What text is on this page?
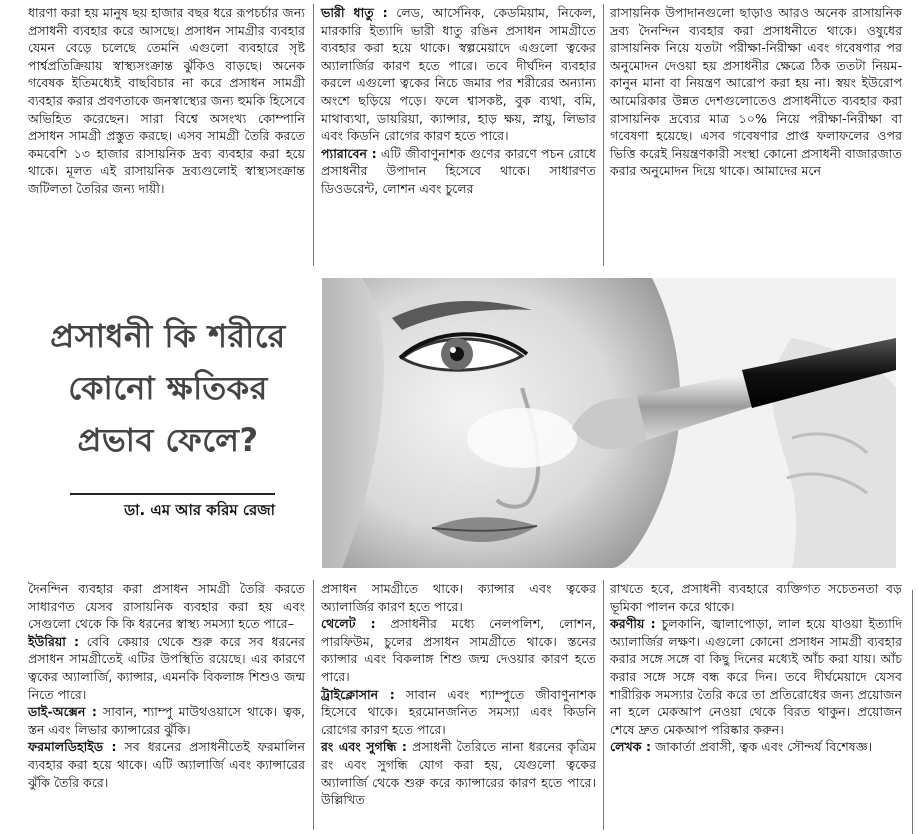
ধারণা করা হয় মানুষ ছয় হাজার বছর ধরে রূপচর্চার জন্য প্রসাধনী ব্যবহার করে আসছে। প্রসাধন সামগ্রীর ব্যবহার যেমন বেড়ে চলেছে তেমনি এগুলো ব্যবহারে সৃষ্ট পার্শ্বপ্রতিক্রিয়ায় স্বাস্থ্যসংক্রান্ত ঝুঁকিও বাড়ছে। অনেক গবেষক ইতিমধ্যেই বাছবিচার না করে প্রসাধন সামগ্রী ব্যবহার করার প্রবণতাকে জনস্বাস্থ্যের জন্য হুমকি হিসেবে অভিহিত করেছেন। সারা বিশ্বে অসংখ্য কোম্পানি প্রসাধন সামগ্রী প্রস্তুত করছে। এসব সামগ্রী তৈরি করতে কমবেশি ১৩ হাজার রাসায়নিক দ্রব্য ব্যবহার করা হয়ে থাকে। মূলত এই রাসায়নিক দ্রব্যগুলোই স্বাস্থ্যসংক্রান্ত জটিলতা তৈরির জন্য দায়ী।

ভারী ধাতু : লেড, আর্সেনিক, কেডমিয়াম, নিকেল, মারকারি ইত্যাদি ভারী ধাতু রঙিন প্রসাধন সামগ্রীতে ব্যবহার করা হয়ে থাকে। স্বল্পমেয়াদে এগুলো ত্বকের অ্যালার্জির কারণ হতে পারে। তবে দীর্ঘদিন ব্যবহার করলে এগুলো ত্বকের নিচে জমার পর শরীরের অন্যান্য অংশে ছড়িয়ে পড়ে। ফলে শ্বাসকষ্ট, বুক ব্যথা, বমি, মাথাব্যথা, ডায়রিয়া, ক্যান্সার, হাড় ক্ষয়, স্নায়ু, লিভার এবং কিডনি রোগের কারণ হতে পারে।

প্যারাবেন : এটি জীবাণুনাশক গুণের কারণে পচন রোধে প্রসাধনীর উপাদান হিসেবে থাকে। সাধারণত ডিওডরেন্ট, লোশন এবং চুলের

রাসায়নিক উপাদানগুলো ছাড়াও আরও অনেক রাসায়নিক দ্রব্য দৈনন্দিন ব্যবহার করা প্রসাধনীতে থাকে। ওষুধের রাসায়নিক নিয়ে যতটা পরীক্ষা-নিরীক্ষা এবং গবেষণার পর অনুমোদন দেওয়া হয় প্রসাধনীর ক্ষেত্রে ঠিক ততটা নিয়ম-কানুন মানা বা নিয়ন্ত্রণ আরোপ করা হয় না। স্বয়ং ইউরোপ আমেরিকার উন্নত দেশগুলোতেও প্রসাধনীতে ব্যবহার করা রাসায়নিক দ্রব্যের মাত্র ১০% নিয়ে পরীক্ষা-নিরীক্ষা বা গবেষণা হয়েছে। এসব গবেষণার প্রাপ্ত ফলাফলের ওপর ভিত্তি করেই নিয়ন্ত্রণকারী সংস্থা কোনো প্রসাধনী বাজারজাত করার অনুমোদন দিয়ে থাকে। আমাদের মনে

প্রসাধনী কি শরীরে
কোনো ক্ষতিকর
প্রভাব ফেলে?
ডা. এম আর করিম রেজা

দৈনন্দিন ব্যবহার করা প্রসাধন সামগ্রী তৈরি করতে সাধারণত যেসব রাসায়নিক ব্যবহার করা হয় এবং সেগুলো থেকে কি কি ধরনের স্বাস্থ্য সমস্যা হতে পারে–

ইউরিয়া : বেবি কেয়ার থেকে শুরু করে সব ধরনের প্রসাধন সামগ্রীতেই এটির উপস্থিতি রয়েছে। এর কারণে ত্বকের অ্যালার্জি, ক্যান্সার, এমনকি বিকলাঙ্গ শিশুও জন্ম নিতে পারে।

ডাই-অক্সেন : সাবান, শ্যাম্পু মাউথওয়াসে থাকে। ত্বক, স্তন এবং লিভার ক্যান্সারের ঝুঁকি।

ফরমালডিহাইড : সব ধরনের প্রসাধনীতেই ফরমালিন ব্যবহার করা হয়ে থাকে। এটি অ্যালার্জি এবং ক্যান্সারের ঝুঁকি তৈরি করে।

প্রসাধন সামগ্রীতে থাকে। ক্যান্সার এবং ত্বকের অ্যালার্জির কারণ হতে পারে।

থেলেট : প্রসাধনীর মধ্যে নেলপলিশ, লোশন, পারফিউম, চুলের প্রসাধন সামগ্রীতে থাকে। স্তনের ক্যান্সার এবং বিকলাঙ্গ শিশু জন্ম দেওয়ার কারণ হতে পারে।

ট্রাইক্লোসান : সাবান এবং শ্যাম্পুতে জীবাণুনাশক হিসেবে থাকে। হরমোনজনিত সমস্যা এবং কিডনি রোগের কারণ হতে পারে।

রং এবং সুগন্ধি : প্রসাধনী তৈরিতে নানা ধরনের কৃত্রিম রং এবং সুগন্ধি যোগ করা হয়, যেগুলো ত্বকের অ্যালার্জি থেকে শুরু করে ক্যান্সারের কারণ হতে পারে। উল্লিখিত

রাখতে হবে, প্রসাধনী ব্যবহারে ব্যক্তিগত সচেতনতা বড় ভূমিকা পালন করে থাকে।

করণীয় : চুলকানি, জ্বালাপোড়া, লাল হয়ে যাওয়া ইত্যাদি অ্যালার্জির লক্ষণ। এগুলো কোনো প্রসাধন সামগ্রী ব্যবহার করার সঙ্গে সঙ্গে বা কিছু দিনের মধ্যেই আঁচ করা যায়। আঁচ করার সঙ্গে সঙ্গে বন্ধ করে দিন। তবে দীর্ঘমেয়াদে যেসব শারীরিক সমস্যার তৈরি করে তা প্রতিরোধের জন্য প্রয়োজন না হলে মেকআপ নেওয়া থেকে বিরত থাকুন। প্রয়োজন শেষে দ্রুত মেকআপ পরিষ্কার করুন।

লেখক : জাকার্তা প্রবাসী, ত্বক এবং সৌন্দর্য বিশেষজ্ঞ।
